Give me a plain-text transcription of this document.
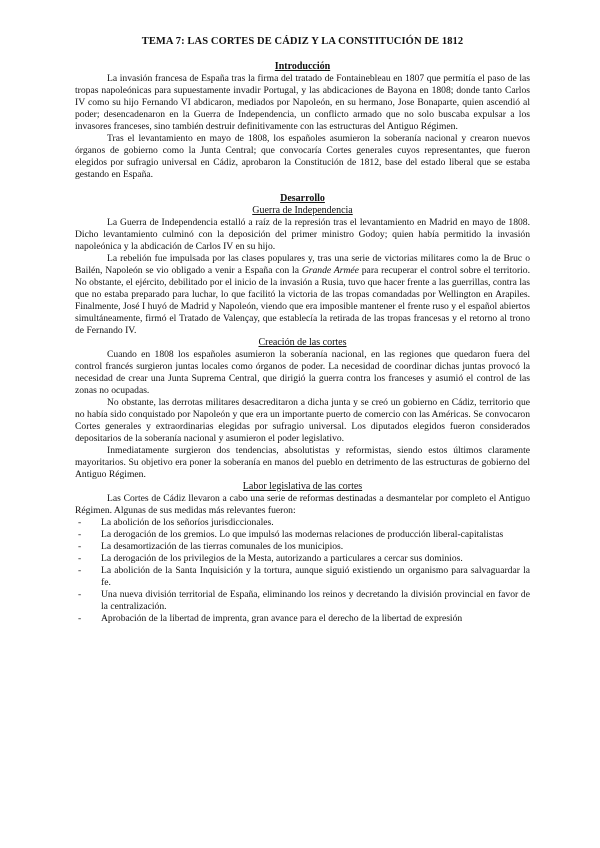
TEMA 7: LAS CORTES DE CÁDIZ Y LA CONSTITUCIÓN DE 1812
Introducción

La invasión francesa de España tras la firma del tratado de Fontainebleau en 1807 que permitía el paso de las tropas napoleónicas para supuestamente invadir Portugal, y las abdicaciones de Bayona en 1808; donde tanto Carlos IV como su hijo Fernando VI abdicaron, mediados por Napoleón, en su hermano, Jose Bonaparte, quien ascendió al poder; desencadenaron en la Guerra de Independencia, un conflicto armado que no solo buscaba expulsar a los invasores franceses, sino también destruir definitivamente con las estructuras del Antiguo Régimen.

Tras el levantamiento en mayo de 1808, los españoles asumieron la soberanía nacional y crearon nuevos órganos de gobierno como la Junta Central; que convocaría Cortes generales cuyos representantes, que fueron elegidos por sufragio universal en Cádiz, aprobaron la Constitución de 1812, base del estado liberal que se estaba gestando en España.

Desarrollo
Guerra de Independencia

La Guerra de Independencia estalló a raíz de la represión tras el levantamiento en Madrid en mayo de 1808. Dicho levantamiento culminó con la deposición del primer ministro Godoy; quien había permitido la invasión napoleónica y la abdicación de Carlos IV en su hijo.

La rebelión fue impulsada por las clases populares y, tras una serie de victorias militares como la de Bruc o Bailén, Napoleón se vio obligado a venir a España con la Grande Armée para recuperar el control sobre el territorio. No obstante, el ejército, debilitado por el inicio de la invasión a Rusia, tuvo que hacer frente a las guerrillas, contra las que no estaba preparado para luchar, lo que facilitó la victoria de las tropas comandadas por Wellington en Arapiles. Finalmente, José I huyó de Madrid y Napoleón, viendo que era imposible mantener el frente ruso y el español abiertos simultáneamente, firmó el Tratado de Valençay, que establecía la retirada de las tropas francesas y el retorno al trono de Fernando IV.

Creación de las cortes

Cuando en 1808 los españoles asumieron la soberanía nacional, en las regiones que quedaron fuera del control francés surgieron juntas locales como órganos de poder. La necesidad de coordinar dichas juntas provocó la necesidad de crear una Junta Suprema Central, que dirigió la guerra contra los franceses y asumió el control de las zonas no ocupadas.

No obstante, las derrotas militares desacreditaron a dicha junta y se creó un gobierno en Cádiz, territorio que no había sido conquistado por Napoleón y que era un importante puerto de comercio con las Américas. Se convocaron Cortes generales y extraordinarias elegidas por sufragio universal. Los diputados elegidos fueron considerados depositarios de la soberanía nacional y asumieron el poder legislativo.

Inmediatamente surgieron dos tendencias, absolutistas y reformistas, siendo estos últimos claramente mayoritarios. Su objetivo era poner la soberanía en manos del pueblo en detrimento de las estructuras de gobierno del Antiguo Régimen.

Labor legislativa de las cortes

Las Cortes de Cádiz llevaron a cabo una serie de reformas destinadas a desmantelar por completo el Antiguo Régimen. Algunas de sus medidas más relevantes fueron:

- La abolición de los señoríos jurisdiccionales.
- La derogación de los gremios. Lo que impulsó las modernas relaciones de producción liberal-capitalistas
- La desamortización de las tierras comunales de los municipios.
- La derogación de los privilegios de la Mesta, autorizando a particulares a cercar sus dominios.
- La abolición de la Santa Inquisición y la tortura, aunque siguió existiendo un organismo para salvaguardar la fe.
- Una nueva división territorial de España, eliminando los reinos y decretando la división provincial en favor de la centralización.
- Aprobación de la libertad de imprenta, gran avance para el derecho de la libertad de expresión
